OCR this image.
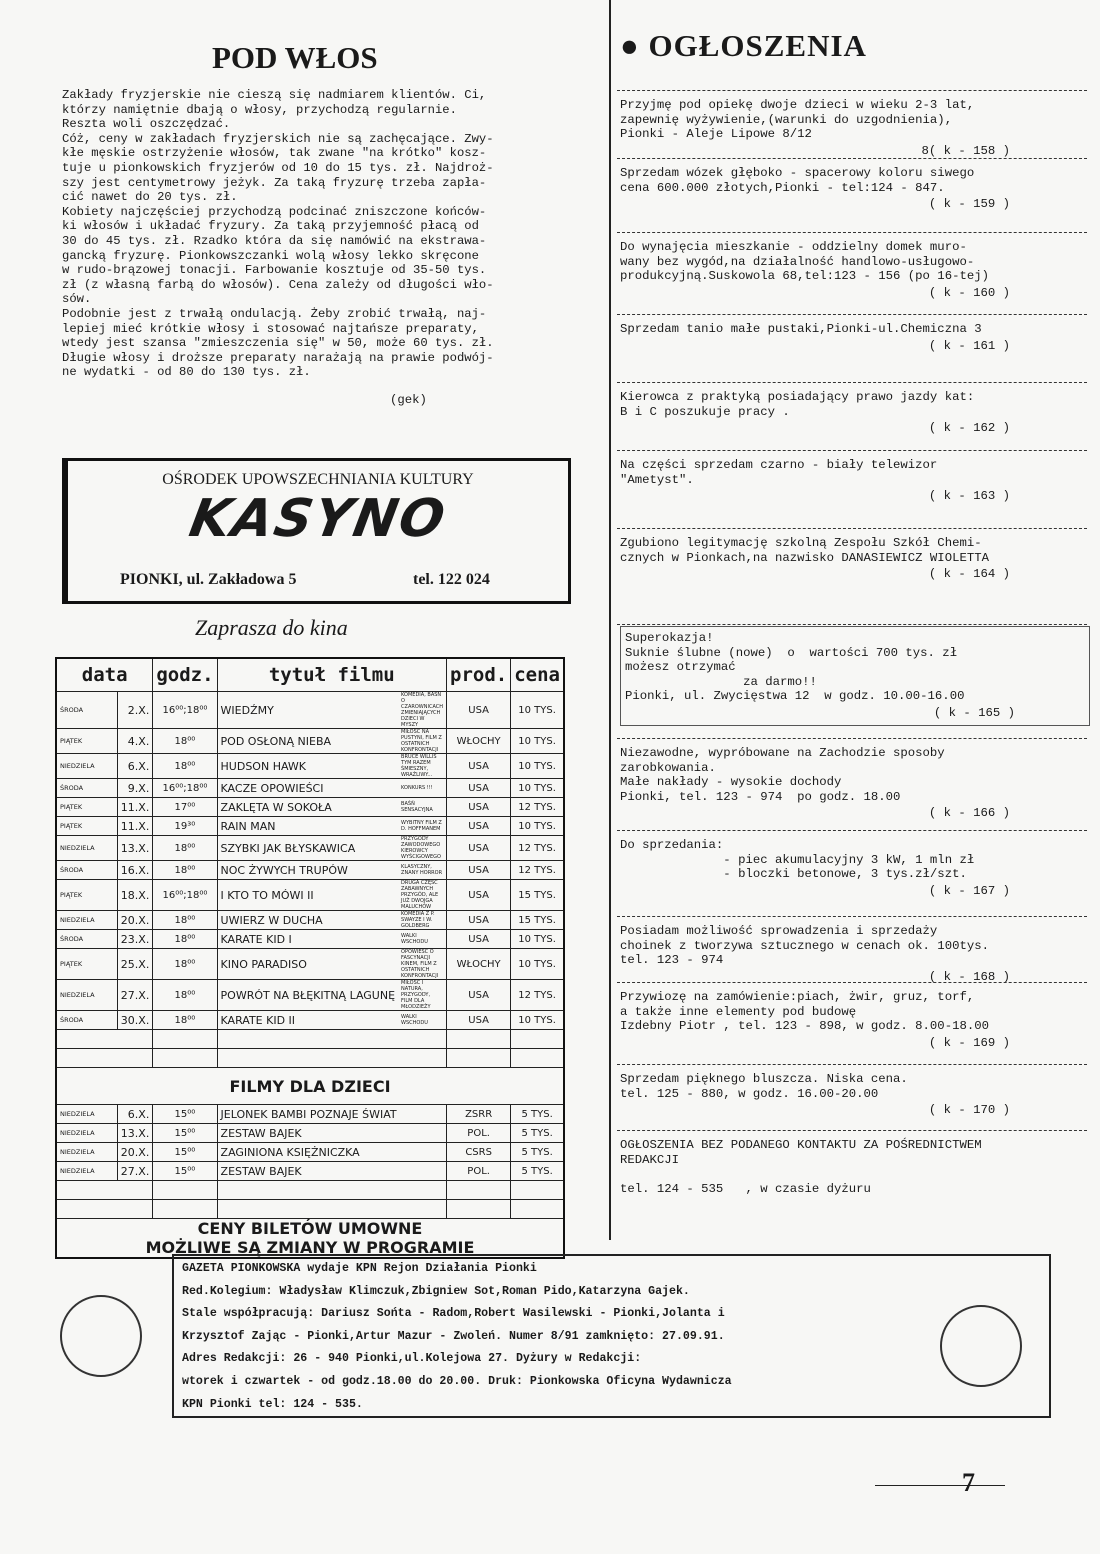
POD WŁOS
Zakłady fryzjerskie nie cieszą się nadmiarem klientów. Ci,
którzy namiętnie dbają o włosy, przychodzą regularnie.
Reszta woli oszczędzać.
Cóż, ceny w zakładach fryzjerskich nie są zachęcające. Zwy-
kłe męskie ostrzyżenie włosów, tak zwane "na krótko" kosz-
tuje u pionkowskich fryzjerów od 10 do 15 tys. zł. Najdroż-
szy jest centymetrowy jeżyk. Za taką fryzurę trzeba zapła-
cić nawet do 20 tys. zł.
Kobiety najczęściej przychodzą podcinać zniszczone końców-
ki włosów i układać fryzury. Za taką przyjemność płacą od
30 do 45 tys. zł. Rzadko która da się namówić na ekstrawa-
gancką fryzurę. Pionkowszczanki wolą włosy lekko skręcone
w rudo-brązowej tonacji. Farbowanie kosztuje od 35-50 tys.
zł (z własną farbą do włosów). Cena zależy od długości wło-
sów.
Podobnie jest z trwałą ondulacją. Żeby zrobić trwałą, naj-
lepiej mieć krótkie włosy i stosować najtańsze preparaty,
wtedy jest szansa "zmieszczenia się" w 50, może 60 tys. zł.
Długie włosy i droższe preparaty narażają na prawie podwój-
ne wydatki - od 80 do 130 tys. zł.
(gek)
OŚRODEK UPOWSZECHNIANIA KULTURY
KASYNO
PIONKI, ul. Zakładowa 5	tel. 122 024
Zaprasza do kina
data		godz.	tytuł filmu		prod.	cena
ŚRODA	2.X.	16⁰⁰;18⁰⁰	WIEDŹMY	KOMEDIA, BAŚŃ O CZAROWNICACH ZMIENIAJĄCYCH DZIECI W MYSZY	USA	10 TYS.
PIĄTEK	4.X.	18⁰⁰	POD OSŁONĄ NIEBA	MIŁOŚĆ NA PUSTYNI, FILM Z OSTATNICH KONFRONTACJI	WŁOCHY	10 TYS.
NIEDZIELA	6.X.	18⁰⁰	HUDSON HAWK	BRUCE WILLIS TYM RAZEM ŚMIESZNY, WRAŻLIWY...	USA	10 TYS.
ŚRODA	9.X.	16⁰⁰;18⁰⁰	KACZE OPOWIEŚCI	KONKURS !!!	USA	10 TYS.
PIĄTEK	11.X.	17⁰⁰	ZAKLĘTA W SOKOŁA	BAŚŃ SENSACYJNA	USA	12 TYS.
PIĄTEK	11.X.	19³⁰	RAIN MAN	WYBITNY FILM Z D. HOFFMANEM	USA	10 TYS.
NIEDZIELA	13.X.	18⁰⁰	SZYBKI JAK BŁYSKAWICA	PRZYGODY ZAWODOWEGO KIEROWCY WYŚCIGOWEGO	USA	12 TYS.
ŚRODA	16.X.	18⁰⁰	NOC ŻYWYCH TRUPÓW	KLASYCZNY, ZNANY HORROR	USA	12 TYS.
PIĄTEK	18.X.	16⁰⁰;18⁰⁰	I KTO TO MÓWI II	DRUGA CZĘŚĆ ZABAWNYCH PRZYGÓD, ALE JUŻ DWOJGA MALUCHÓW	USA	15 TYS.
NIEDZIELA	20.X.	18⁰⁰	UWIERZ W DUCHA	KOMEDIA Z P. SWAYZE I W. GOLDBERG	USA	15 TYS.
ŚRODA	23.X.	18⁰⁰	KARATE KID I	WALKI WSCHODU	USA	10 TYS.
PIĄTEK	25.X.	18⁰⁰	KINO PARADISO	OPOWIEŚĆ O FASCYNACJI KINEM, FILM Z OSTATNICH KONFRONTACJI	WŁOCHY	10 TYS.
NIEDZIELA	27.X.	18⁰⁰	POWRÓT NA BŁĘKITNĄ LAGUNĘ	MIŁOŚĆ I NATURA, PRZYGODY, FILM DLA MŁODZIEŻY	USA	12 TYS.
ŚRODA	30.X.	18⁰⁰	KARATE KID II	WALKI WSCHODU	USA	10 TYS.

FILMY DLA DZIECI						
NIEDZIELA	6.X.	15⁰⁰	JELONEK BAMBI POZNAJE ŚWIAT		ZSRR	5 TYS.
NIEDZIELA	13.X.	15⁰⁰	ZESTAW BAJEK		POL.	5 TYS.
NIEDZIELA	20.X.	15⁰⁰	ZAGINIONA KSIĘŻNICZKA		CSRS	5 TYS.
NIEDZIELA	27.X.	15⁰⁰	ZESTAW BAJEK		POL.	5 TYS.

CENY BILETÓW UMOWNE
MOŻLIWE SĄ ZMIANY W PROGRAMIE						
● OGŁOSZENIA
Przyjmę pod opiekę dwoje dzieci w wieku 2-3 lat,
zapewnię wyżywienie,(warunki do uzgodnienia),
Pionki - Aleje Lipowe 8/12
8( k - 158 )
Sprzedam wózek głęboko - spacerowy koloru siwego
cena 600.000 złotych,Pionki - tel:124 - 847.
( k - 159 )
Do wynajęcia mieszkanie - oddzielny domek muro-
wany bez wygód,na działalność handlowo-usługowo-
produkcyjną.Suskowola 68,tel:123 - 156 (po 16-tej)
( k - 160 )
Sprzedam tanio małe pustaki,Pionki-ul.Chemiczna 3
( k - 161 )
Kierowca z praktyką posiadający prawo jazdy kat:
B i C poszukuje pracy .
( k - 162 )
Na części sprzedam czarno - biały telewizor
"Ametyst".
( k - 163 )
Zgubiono legitymację szkolną Zespołu Szkół Chemi-
cznych w Pionkach,na nazwisko DANASIEWICZ WIOLETTA
( k - 164 )
Superokazja!
Suknie ślubne (nowe)  o  wartości 700 tys. zł
możesz otrzymać
za darmo!!
Pionki, ul. Zwycięstwa 12  w godz. 10.00-16.00
( k - 165 )
Niezawodne, wypróbowane na Zachodzie sposoby
zarobkowania.
Małe nakłady - wysokie dochody
Pionki, tel. 123 - 974  po godz. 18.00
( k - 166 )
Do sprzedania:
- piec akumulacyjny 3 kW, 1 mln zł
- bloczki betonowe, 3 tys.zł/szt.
( k - 167 )
Posiadam możliwość sprowadzenia i sprzedaży
choinek z tworzywa sztucznego w cenach ok. 100tys.
tel. 123 - 974
( k - 168 )
Przywiozę na zamówienie:piach, żwir, gruz, torf,
a także inne elementy pod budowę
Izdebny Piotr , tel. 123 - 898, w godz. 8.00-18.00
( k - 169 )
Sprzedam pięknego bluszcza. Niska cena.
tel. 125 - 880, w godz. 16.00-20.00
( k - 170 )
OGŁOSZENIA BEZ PODANEGO KONTAKTU ZA POŚREDNICTWEM
REDAKCJI

tel. 124 - 535   , w czasie dyżuru
GAZETA PIONKOWSKA wydaje KPN Rejon Działania Pionki
Red.Kolegium: Władysław Klimczuk,Zbigniew Sot,Roman Pido,Katarzyna Gajek.
Stale współpracują: Dariusz Sońta - Radom,Robert Wasilewski - Pionki,Jolanta i
Krzysztof Zając - Pionki,Artur Mazur - Zwoleń. Numer 8/91 zamknięto: 27.09.91.
Adres Redakcji: 26 - 940 Pionki,ul.Kolejowa 27. Dyżury w Redakcji:
wtorek i czwartek - od godz.18.00 do 20.00. Druk: Pionkowska Oficyna Wydawnicza
KPN Pionki tel: 124 - 535.
7
